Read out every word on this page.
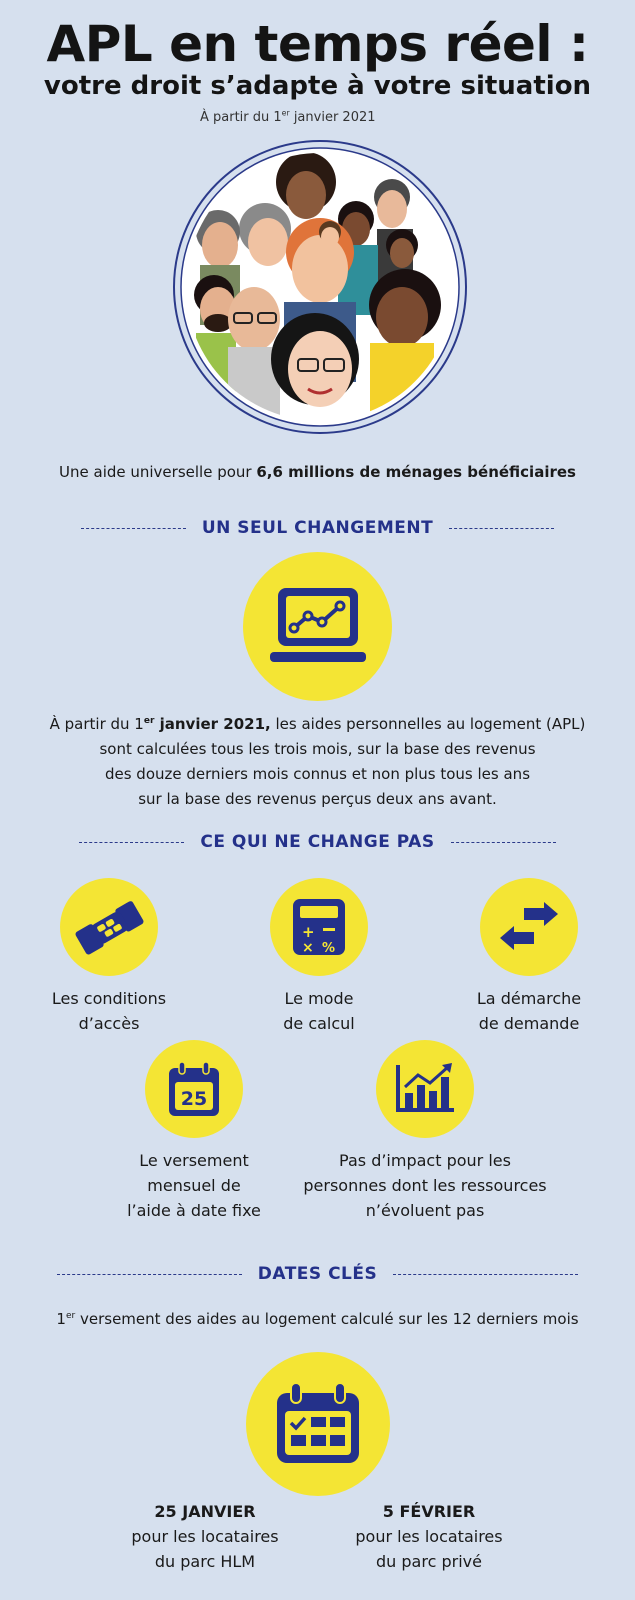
APL en temps réel :
votre droit s’adapte à votre situation
À partir du 1er janvier 2021
Une aide universelle pour 6,6 millions de ménages bénéficiaires
UN SEUL CHANGEMENT
À partir du 1er janvier 2021, les aides personnelles au logement (APL)
sont calculées tous les trois mois, sur la base des revenus
des douze derniers mois connus et non plus tous les ans
sur la base des revenus perçus deux ans avant.
CE QUI NE CHANGE PAS
Les conditions
d’accès
+
× %
Le mode
de calcul
La démarche
de demande
25
Le versement
mensuel de
l’aide à date fixe
Pas d’impact pour les
personnes dont les ressources
n’évoluent pas
DATES CLÉS
1er versement des aides au logement calculé sur les 12 derniers mois
25 JANVIER
pour les locataires
du parc HLM
5 FÉVRIER
pour les locataires
du parc privé
